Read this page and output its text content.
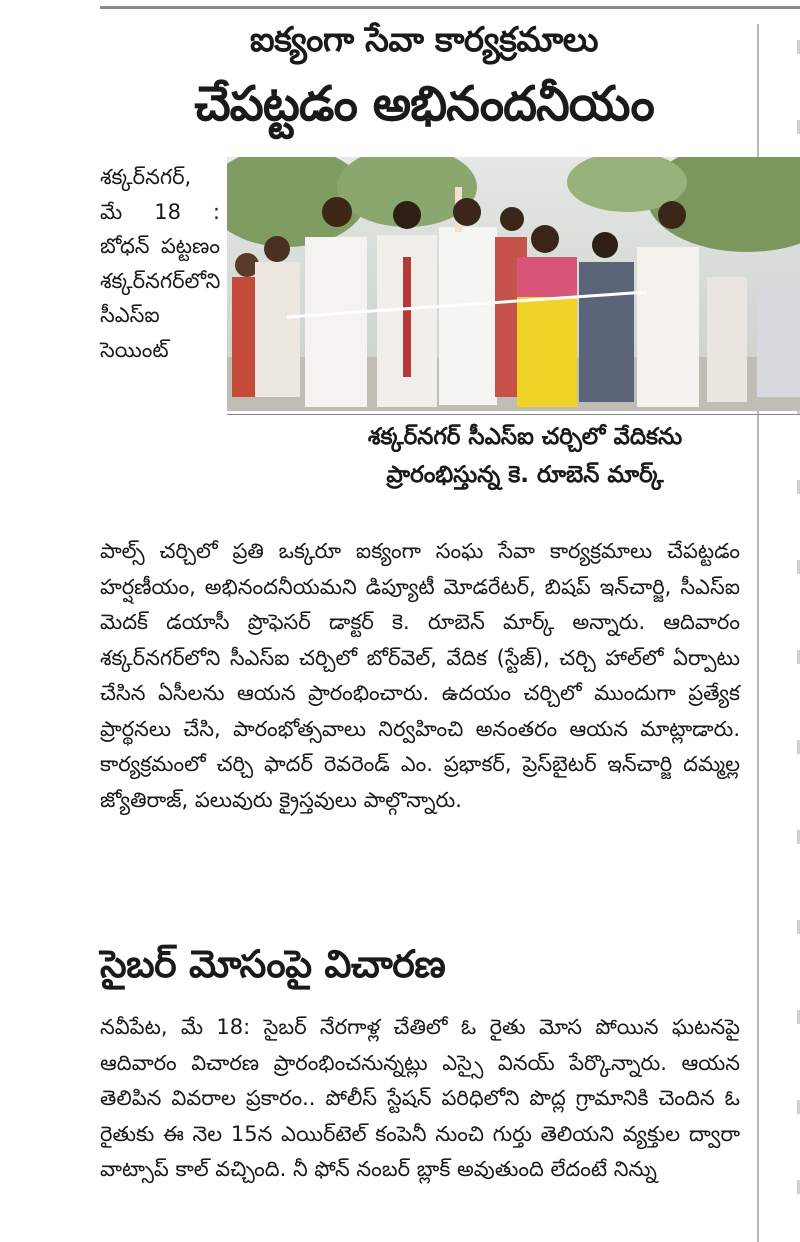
ఐక్యంగా సేవా కార్యక్రమాలు
చేపట్టడం అభినందనీయం
శక్కర్‌నగర్, మే 18 : బోధన్ పట్టణం శక్కర్‌నగర్‌లోని సీఎస్ఐ సెయింట్
శక్కర్‌నగర్ సీఎస్ఐ చర్చిలో వేదికను
ప్రారంభిస్తున్న కె. రూబెన్ మార్క్
పాల్స్ చర్చిలో ప్రతి ఒక్కరూ ఐక్యంగా సంఘ సేవా కార్యక్రమాలు చేపట్టడం హర్షణీయం, అభినందనీయమని డిప్యూటీ మోడరేటర్, బిషప్ ఇన్‌చార్జి, సీఎస్ఐ మెదక్ డయాసీ ప్రొఫెసర్ డాక్టర్ కె. రూబెన్ మార్క్ అన్నారు. ఆదివారం శక్కర్‌నగర్‌లోని సీఎస్ఐ చర్చిలో బోర్‌వెల్, వేదిక (స్టేజ్), చర్చి హాల్‌లో ఏర్పాటు చేసిన ఏసీలను ఆయన ప్రారంభించారు. ఉదయం చర్చిలో ముందుగా ప్రత్యేక ప్రార్థనలు చేసి, పారంభోత్సవాలు నిర్వహించి అనంతరం ఆయన మాట్లాడారు. కార్యక్రమంలో చర్చి ఫాదర్ రెవరెండ్ ఎం. ప్రభాకర్, ప్రెస్‌బైటర్ ఇన్‌చార్జి దమ్మల్ల జ్యోతిరాజ్, పలువురు క్రైస్తవులు పాల్గొన్నారు.
సైబర్ మోసంపై విచారణ
నవీపేట, మే 18: సైబర్ నేరగాళ్ల చేతిలో ఓ రైతు మోస పోయిన ఘటనపై ఆదివారం విచారణ ప్రారంభించనున్నట్లు ఎస్సై వినయ్ పేర్కొన్నారు. ఆయన తెలిపిన వివరాల ప్రకారం.. పోలీస్ స్టేషన్ పరిధిలోని పొద్ల గ్రామానికి చెందిన ఓ రైతుకు ఈ నెల 15న ఎయిర్‌టెల్ కంపెనీ నుంచి గుర్తు తెలియని వ్యక్తుల ద్వారా వాట్సాప్ కాల్ వచ్చింది. నీ ఫోన్ నంబర్ బ్లాక్ అవుతుంది లేదంటే నిన్ను
